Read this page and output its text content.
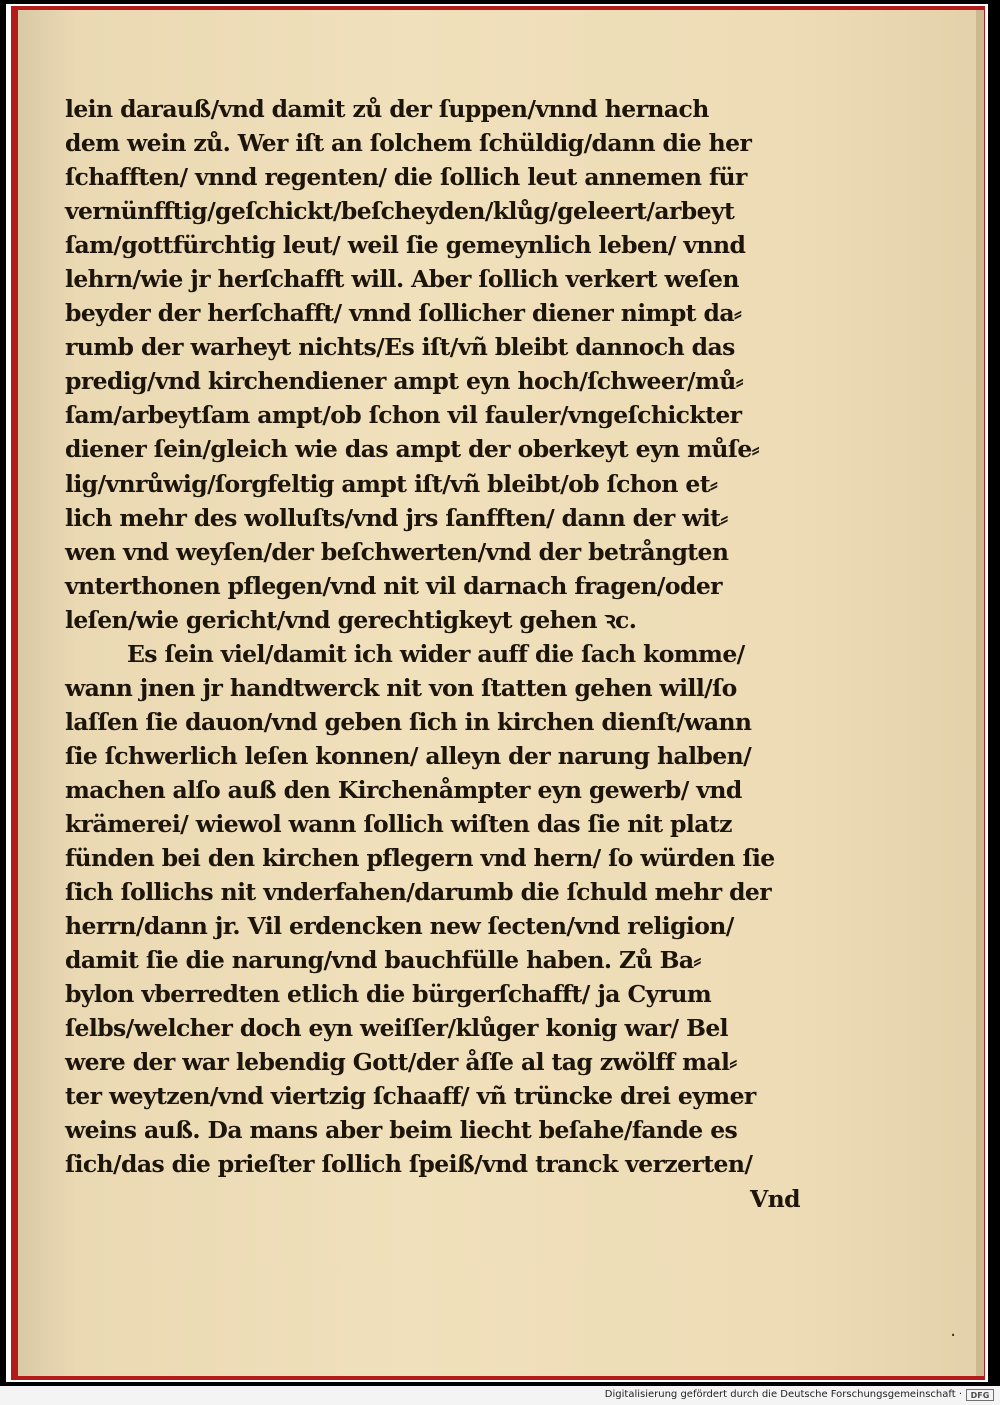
lein darauß/vnd damit zů der ſuppen/vnnd hernach
dem wein zů. Wer iſt an ſolchem ſchüldig/dann die her
ſchafften/ vnnd regenten/ die ſollich leut annemen für
vernünfftig/geſchickt/beſcheyden/klůg/geleert/arbeyt
ſam/gottfürchtig leut/ weil ſie gemeynlich leben/ vnnd
lehrn/wie jr herſchafft will. Aber ſollich verkert weſen
beyder der herſchafft/ vnnd ſollicher diener nimpt da⸗
rumb der warheyt nichts/Es iſt/vñ bleibt dannoch das
predig/vnd kirchendiener ampt eyn hoch/ſchweer/mů⸗
ſam/arbeytſam ampt/ob ſchon vil fauler/vngeſchickter
diener ſein/gleich wie das ampt der oberkeyt eyn můſe⸗
lig/vnrůwig/ſorgfeltig ampt iſt/vñ bleibt/ob ſchon et⸗
lich mehr des wolluſts/vnd jrs ſanfften/ dann der wit⸗
wen vnd weyſen/der beſchwerten/vnd der betrångten
vnterthonen pflegen/vnd nit vil darnach fragen/oder
leſen/wie gericht/vnd gerechtigkeyt gehen ꝛc.
Es ſein viel/damit ich wider auff die ſach komme/
wann jnen jr handtwerck nit von ſtatten gehen will/ſo
laſſen ſie dauon/vnd geben ſich in kirchen dienſt/wann
ſie ſchwerlich leſen konnen/ alleyn der narung halben/
machen alſo auß den Kirchenåmpter eyn gewerb/ vnd
krämerei/ wiewol wann ſollich wiſten das ſie nit platz
fünden bei den kirchen pflegern vnd hern/ ſo würden ſie
ſich ſollichs nit vnderfahen/darumb die ſchuld mehr der
herrn/dann jr. Vil erdencken new ſecten/vnd religion/
damit ſie die narung/vnd bauchfülle haben. Zů Ba⸗
bylon vberredten etlich die bürgerſchafft/ ja Cyrum
ſelbs/welcher doch eyn weiſſer/klůger konig war/ Bel
were der war lebendig Gott/der åſſe al tag zwölff mal⸗
ter weytzen/vnd viertzig ſchaaff/ vñ trüncke drei eymer
weins auß. Da mans aber beim liecht beſahe/fande es
ſich/das die prieſter ſollich ſpeiß/vnd tranck verzerten/
Vnd
·
Digitalisierung gefördert durch die Deutsche Forschungsgemeinschaft ·	DFG
